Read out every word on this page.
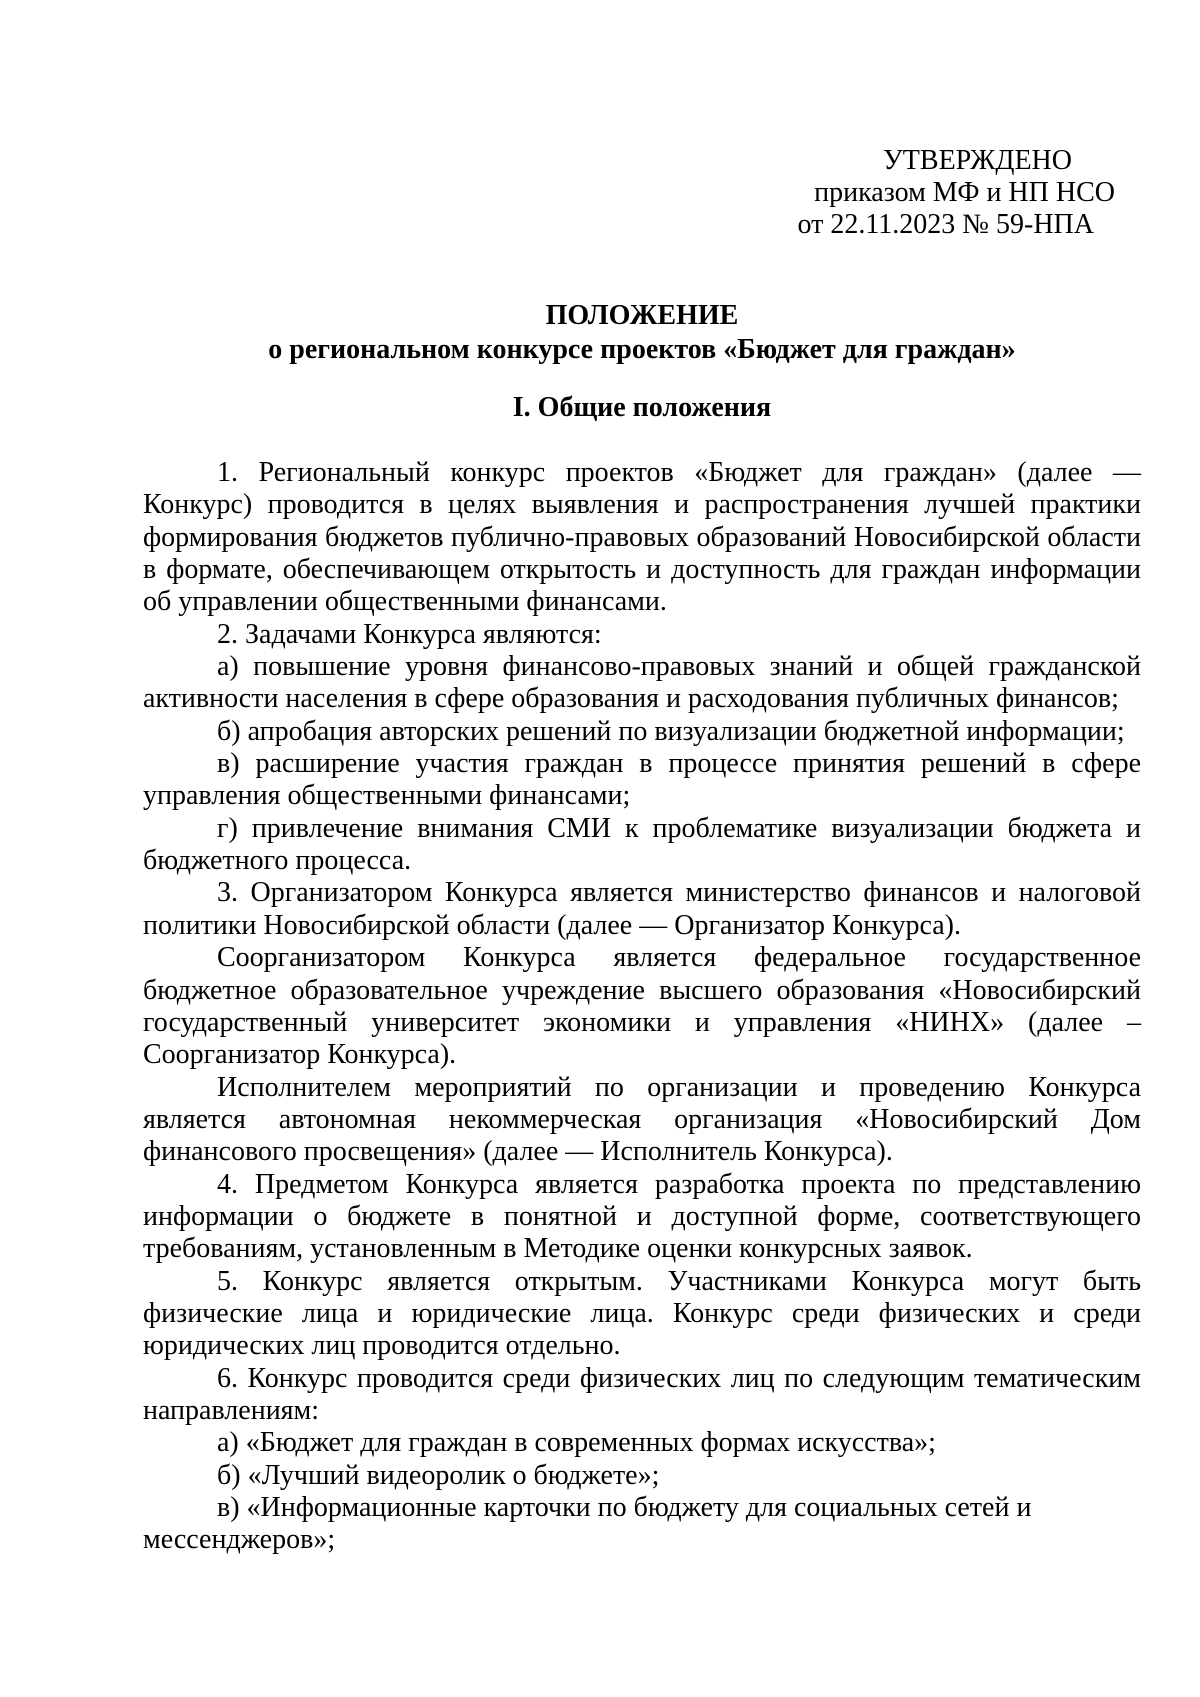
УТВЕРЖДЕНО
приказом МФ и НП НСО
от 22.11.2023 № 59-НПА
ПОЛОЖЕНИЕ
о региональном конкурсе проектов «Бюджет для граждан»
I. Общие положения

1. Региональный конкурс проектов «Бюджет для граждан» (далее — Конкурс) проводится в целях выявления и распространения лучшей практики формирования бюджетов публично-правовых образований Новосибирской области в формате, обеспечивающем открытость и доступность для граждан информации об управлении общественными финансами.

2. Задачами Конкурса являются:

а) повышение уровня финансово-правовых знаний и общей гражданской активности населения в сфере образования и расходования публичных финансов;

б) апробация авторских решений по визуализации бюджетной информации;

в) расширение участия граждан в процессе принятия решений в сфере управления общественными финансами;

г) привлечение внимания СМИ к проблематике визуализации бюджета и бюджетного процесса.

3. Организатором Конкурса является министерство финансов и налоговой политики Новосибирской области (далее — Организатор Конкурса).

Соорганизатором Конкурса является федеральное государственное бюджетное образовательное учреждение высшего образования «Новосибирский государственный университет экономики и управления «НИНХ» (далее – Соорганизатор Конкурса).

Исполнителем мероприятий по организации и проведению Конкурса является автономная некоммерческая организация «Новосибирский Дом финансового просвещения» (далее — Исполнитель Конкурса).

4. Предметом Конкурса является разработка проекта по представлению информации о бюджете в понятной и доступной форме, соответствующего требованиям, установленным в Методике оценки конкурсных заявок.

5. Конкурс является открытым. Участниками Конкурса могут быть физические лица и юридические лица. Конкурс среди физических и среди юридических лиц проводится отдельно.

6. Конкурс проводится среди физических лиц по следующим тематическим направлениям:

а) «Бюджет для граждан в современных формах искусства»;

б) «Лучший видеоролик о бюджете»;

в) «Информационные карточки по бюджету для социальных сетей и мессенджеров»;
